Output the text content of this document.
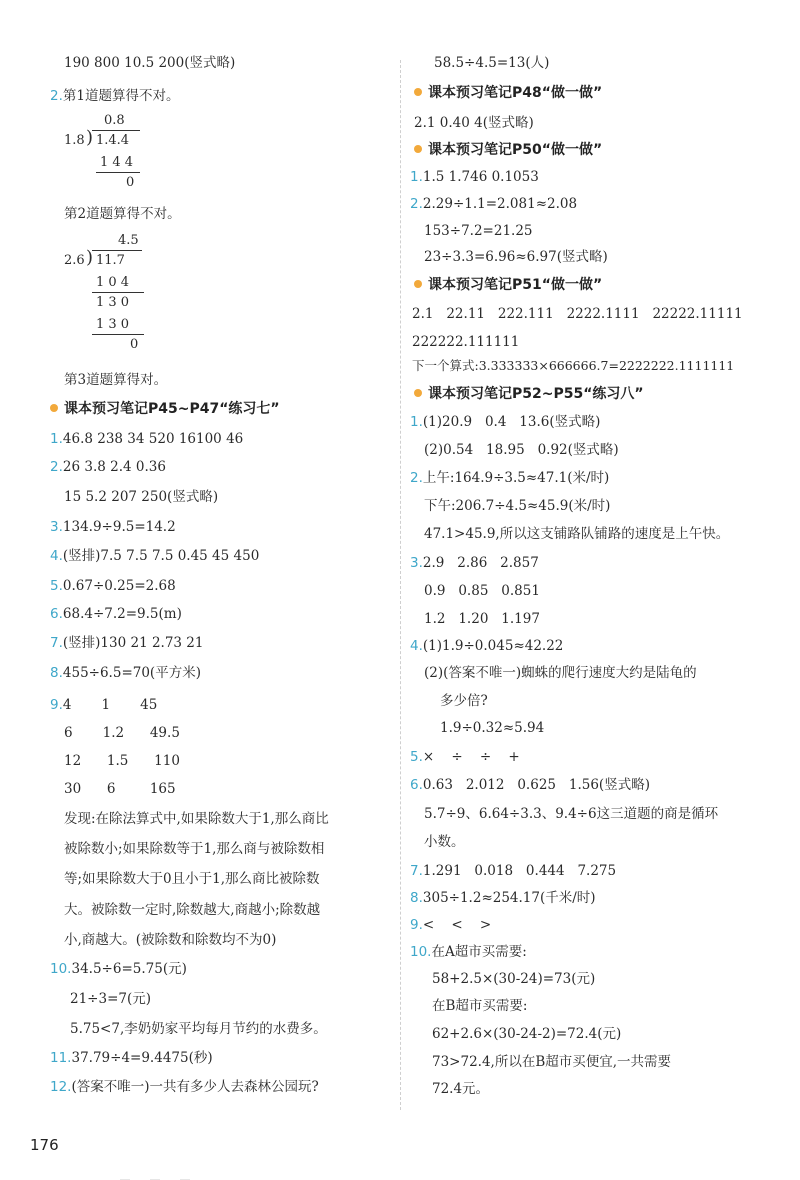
190 800 10.5 200(竖式略)
2.第1道题算得不对。
0.8
1.8 ) 1.4.4
1 4 4
0
第2道题算得不对。
4.5
2.6 ) 11.7
1 0 4
1 3 0
1 3 0
0
第3道题算得对。
课本预习笔记P45~P47“练习七”
1.46.8 238 34 520 16100 46
2.26 3.8 2.4 0.36
15 5.2 207 250(竖式略)
3.134.9÷9.5=14.2
4.(竖排)7.5 7.5 7.5 0.45 45 450
5.0.67÷0.25=2.68
6.68.4÷7.2=9.5(m)
7.(竖排)130 21 2.73 21
8.455÷6.5=70(平方米)
9.4       1       45
6       1.2      49.5
12      1.5      110
30      6        165
发现:在除法算式中,如果除数大于1,那么商比
被除数小;如果除数等于1,那么商与被除数相
等;如果除数大于0且小于1,那么商比被除数
大。被除数一定时,除数越大,商越小;除数越
小,商越大。(被除数和除数均不为0)
10.34.5÷6=5.75(元)
21÷3=7(元)
5.75<7,李奶奶家平均每月节约的水费多。
11.37.79÷4=9.4475(秒)
12.(答案不唯一)一共有多少人去森林公园玩?
58.5÷4.5=13(人)
课本预习笔记P48“做一做”
2.1 0.40 4(竖式略)
课本预习笔记P50“做一做”
1.1.5 1.746 0.1053
2.2.29÷1.1=2.081≈2.08
153÷7.2=21.25
23÷3.3=6.96≈6.97(竖式略)
课本预习笔记P51“做一做”
2.1   22.11   222.111   2222.1111   22222.11111
222222.111111
下一个算式:3.333333×666666.7=2222222.1111111
课本预习笔记P52~P55“练习八”
1.(1)20.9   0.4   13.6(竖式略)
(2)0.54   18.95   0.92(竖式略)
2.上午:164.9÷3.5≈47.1(米/时)
下午:206.7÷4.5≈45.9(米/时)
47.1>45.9,所以这支铺路队铺路的速度是上午快。
3.2.9   2.86   2.857
0.9   0.85   0.851
1.2   1.20   1.197
4.(1)1.9÷0.045≈42.22
(2)(答案不唯一)蜘蛛的爬行速度大约是陆龟的
多少倍?
1.9÷0.32≈5.94
5.×    ÷    ÷    +
6.0.63   2.012   0.625   1.56(竖式略)
5.7÷9、6.64÷3.3、9.4÷6这三道题的商是循环
小数。
7.1.291   0.018   0.444   7.275
8.305÷1.2≈254.17(千米/时)
9.<    <    >
10.在A超市买需要:
58+2.5×(30-24)=73(元)
在B超市买需要:
62+2.6×(30-24-2)=72.4(元)
73>72.4,所以在B超市买便宜,一共需要
72.4元。
176
